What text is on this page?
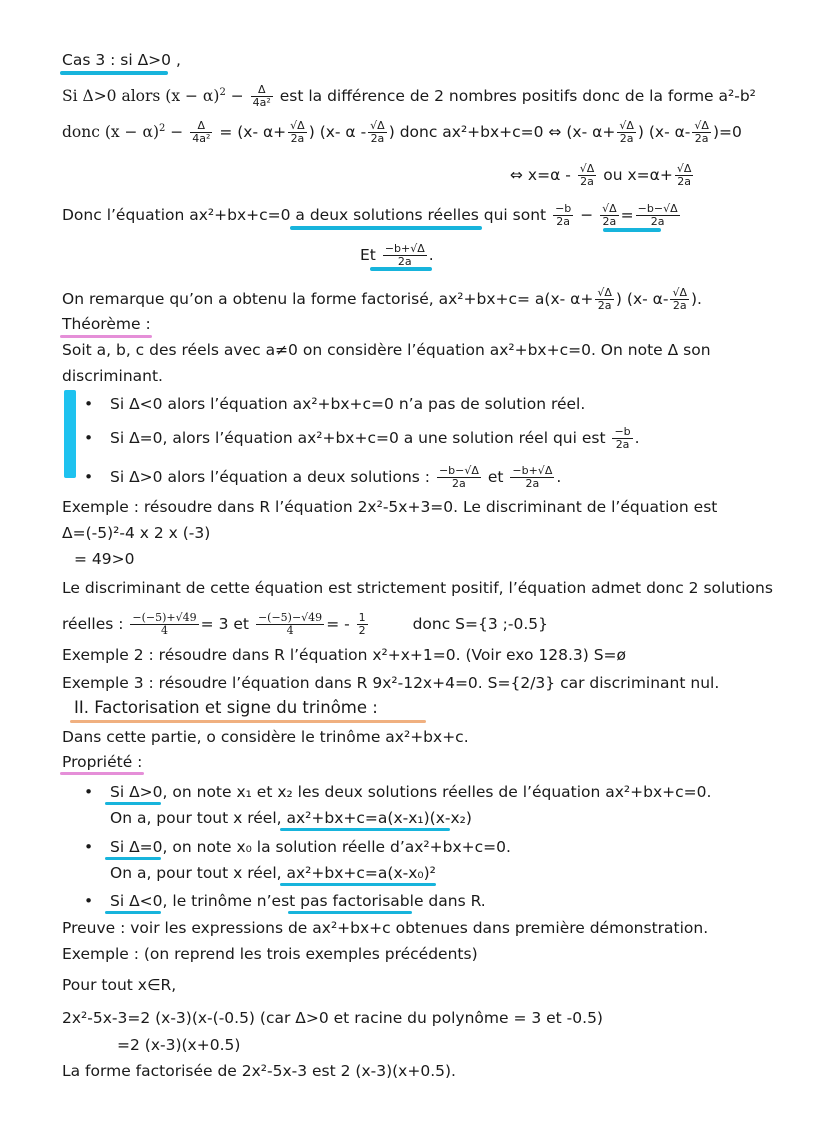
Cas 3 : si Δ>0 ,
Si Δ>0 alors $(x - \alpha)^2 - \frac{\Delta}{\text{4a²}}$ est la différence de 2 nombres positifs donc de la forme a²-b²
donc $(x - \alpha)^2 - \frac{\Delta}{\text{4a²}} = (x-$ $\alpha+ \frac{√\Delta}{2a}$ ) (x- α - $\frac{√\Delta}{2a}$ ) donc ax²+bx+c=0 ⇔ (x- $\alpha+ \frac{√\Delta}{2a}$ ) (x- $\alpha- \frac{√\Delta}{2a} )=0$
⇔ $x=\alpha - \frac{√\Delta}{2a}$ ou $x=\alpha+ \frac{√\Delta}{2a}$
Donc l’équation ax²+bx+c=0 a deux solutions réelles qui sont $\frac{-b}{2a} - \frac{√\Delta}{2a} = \frac{-b-√\Delta}{2a}$
Et $\frac{-b+√\Delta}{2a}$ .
On remarque qu’on a obtenu la forme factorisé, ax²+bx+c= a(x- $\alpha+ \frac{√\Delta}{2a}$ ) (x- $\alpha- \frac{√\Delta}{2a}$ ).
Théorème :
Soit a, b, c des réels avec a≠0 on considère l’équation ax²+bx+c=0. On note Δ son
discriminant.
• Si Δ<0 alors l’équation ax²+bx+c=0 n’a pas de solution réel.
• Si Δ=0, alors l’équation ax²+bx+c=0 a une solution réel qui est $\frac{-b}{2a}$ .
• Si Δ>0 alors l’équation a deux solutions : $\frac{-b-√\Delta}{2a}$ et $\frac{-b+√\Delta}{2a}$ .
Exemple : résoudre dans R l’équation 2x²-5x+3=0. Le discriminant de l’équation est
Δ=(-5)²-4 x 2 x (-3)
= 49>0
Le discriminant de cette équation est strictement positif, l’équation admet donc 2 solutions
réelles : $\frac{-(-5)+√49}{4} = 3$ et $\frac{-(-5)-√49}{4}$ = - $\frac{1}{2}$	donc S={3 ;-0.5}
Exemple 2 : résoudre dans R l’équation x²+x+1=0. (Voir exo 128.3) S=ø
Exemple 3 : résoudre l’équation dans R 9x²-12x+4=0. S={2/3} car discriminant nul.
II. Factorisation et signe du trinôme :
Dans cette partie, o considère le trinôme ax²+bx+c.
Propriété :
• Si Δ>0, on note x₁ et x₂ les deux solutions réelles de l’équation ax²+bx+c=0.
On a, pour tout x réel, ax²+bx+c=a(x-x₁)(x-x₂)
• Si Δ=0, on note x₀ la solution réelle d’ax²+bx+c=0.
On a, pour tout x réel, ax²+bx+c=a(x-x₀)²
• Si Δ<0, le trinôme n’est pas factorisable dans R.
Preuve : voir les expressions de ax²+bx+c obtenues dans première démonstration.
Exemple : (on reprend les trois exemples précédents)
Pour tout x∈R,
2x²-5x-3=2 (x-3)(x-(-0.5) (car Δ>0 et racine du polynôme = 3 et -0.5)
=2 (x-3)(x+0.5)
La forme factorisée de 2x²-5x-3 est 2 (x-3)(x+0.5).
